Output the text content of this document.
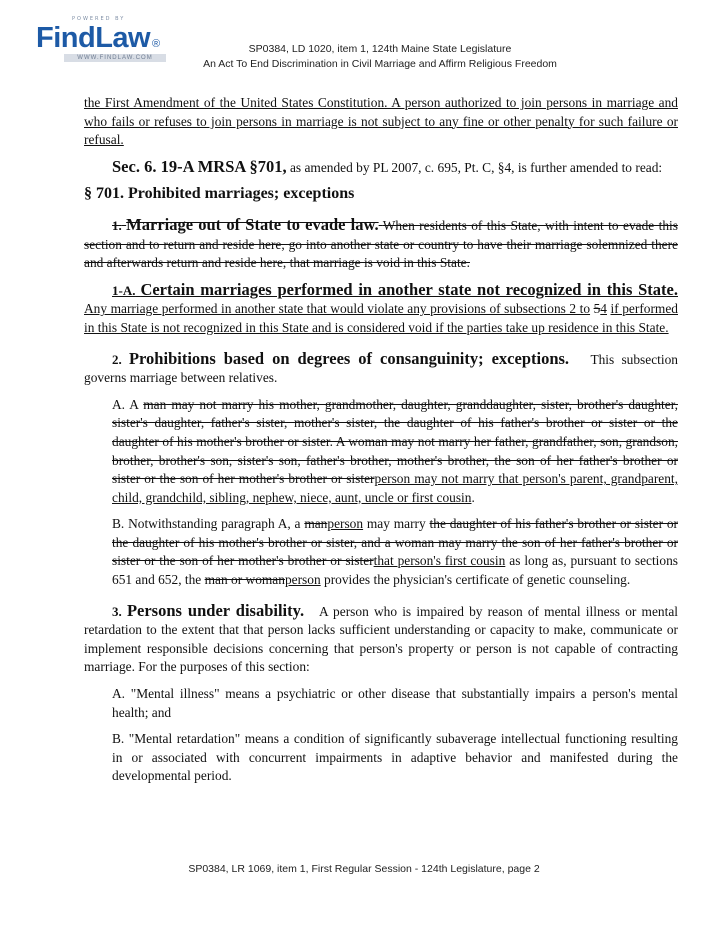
POWERED BY
FindLaw ®
WWW.FINDLAW.COM
SP0384, LD 1020, item 1, 124th Maine State Legislature
An Act To End Discrimination in Civil Marriage and Affirm Religious Freedom

the First Amendment of the United States Constitution. A person authorized to join persons in marriage and who fails or refuses to join persons in marriage is not subject to any fine or other penalty for such failure or refusal.

Sec. 6. 19-A MRSA §701, as amended by PL 2007, c. 695, Pt. C, §4, is further amended to read:

§ 701. Prohibited marriages; exceptions

1. Marriage out of State to evade law. When residents of this State, with intent to evade this section and to return and reside here, go into another state or country to have their marriage solemnized there and afterwards return and reside here, that marriage is void in this State.

1-A. Certain marriages performed in another state not recognized in this State. Any marriage performed in another state that would violate any provisions of subsections 2 to 54 if performed in this State is not recognized in this State and is considered void if the parties take up residence in this State.

2. Prohibitions based on degrees of consanguinity; exceptions. This subsection governs marriage between relatives.

A. A man may not marry his mother, grandmother, daughter, granddaughter, sister, brother's daughter, sister's daughter, father's sister, mother's sister, the daughter of his father's brother or sister or the daughter of his mother's brother or sister. A woman may not marry her father, grandfather, son, grandson, brother, brother's son, sister's son, father's brother, mother's brother, the son of her father's brother or sister or the son of her mother's brother or sisterperson may not marry that person's parent, grandparent, child, grandchild, sibling, nephew, niece, aunt, uncle or first cousin.

B. Notwithstanding paragraph A, a manperson may marry the daughter of his father's brother or sister or the daughter of his mother's brother or sister, and a woman may marry the son of her father's brother or sister or the son of her mother's brother or sisterthat person's first cousin as long as, pursuant to sections 651 and 652, the man or womanperson provides the physician's certificate of genetic counseling.

3. Persons under disability. A person who is impaired by reason of mental illness or mental retardation to the extent that that person lacks sufficient understanding or capacity to make, communicate or implement responsible decisions concerning that person's property or person is not capable of contracting marriage. For the purposes of this section:

A. "Mental illness" means a psychiatric or other disease that substantially impairs a person's mental health; and

B. "Mental retardation" means a condition of significantly subaverage intellectual functioning resulting in or associated with concurrent impairments in adaptive behavior and manifested during the developmental period.

SP0384, LR 1069, item 1, First Regular Session - 124th Legislature, page 2
